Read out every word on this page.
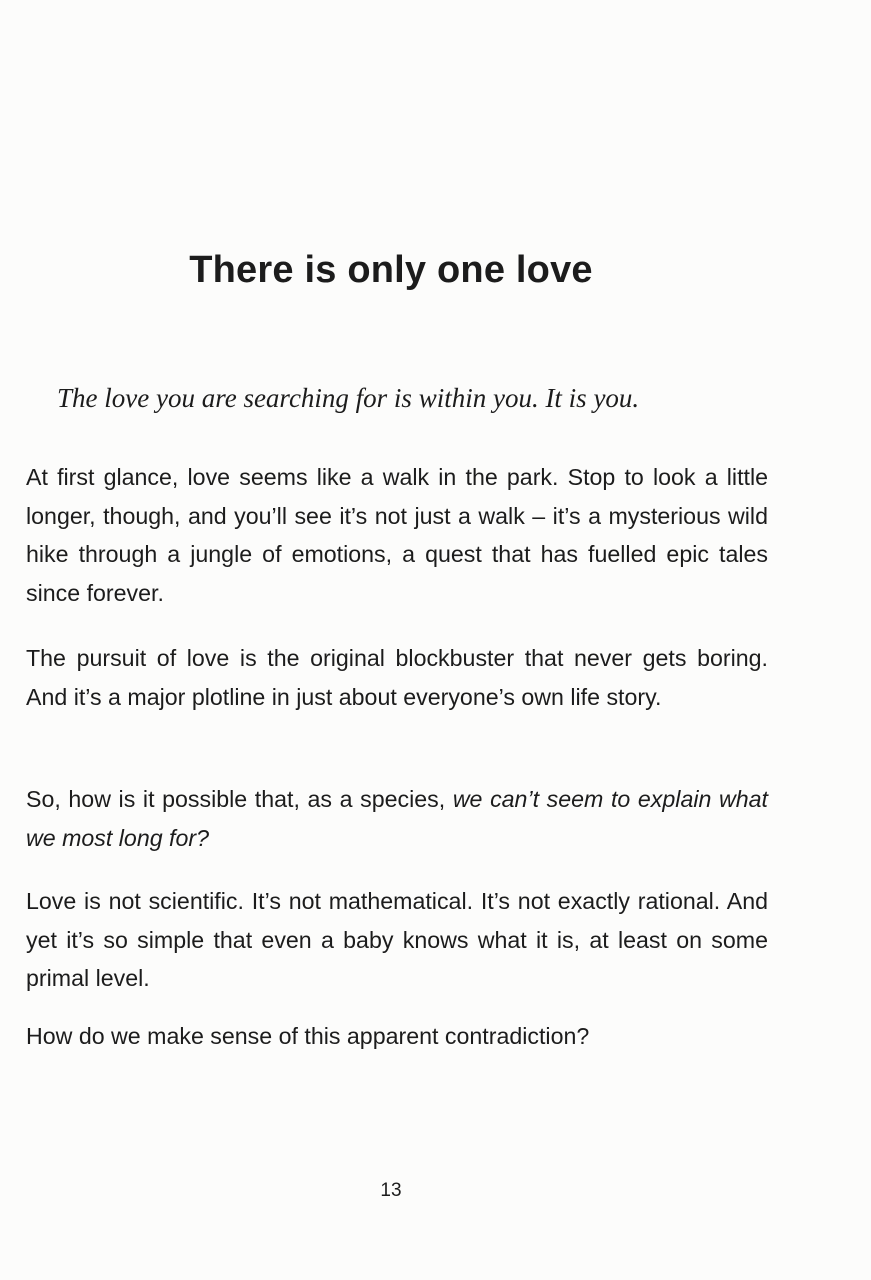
There is only one love

The love you are searching for is within you. It is you.

At first glance, love seems like a walk in the park. Stop to look a little longer, though, and you’ll see it’s not just a walk – it’s a mysterious wild hike through a jungle of emotions, a quest that has fuelled epic tales since forever.

The pursuit of love is the original blockbuster that never gets boring. And it’s a major plotline in just about everyone’s own life story.

So, how is it possible that, as a species, we can’t seem to explain what we most long for?

Love is not scientific. It’s not mathematical. It’s not exactly rational. And yet it’s so simple that even a baby knows what it is, at least on some primal level.

How do we make sense of this apparent contradiction?

13
